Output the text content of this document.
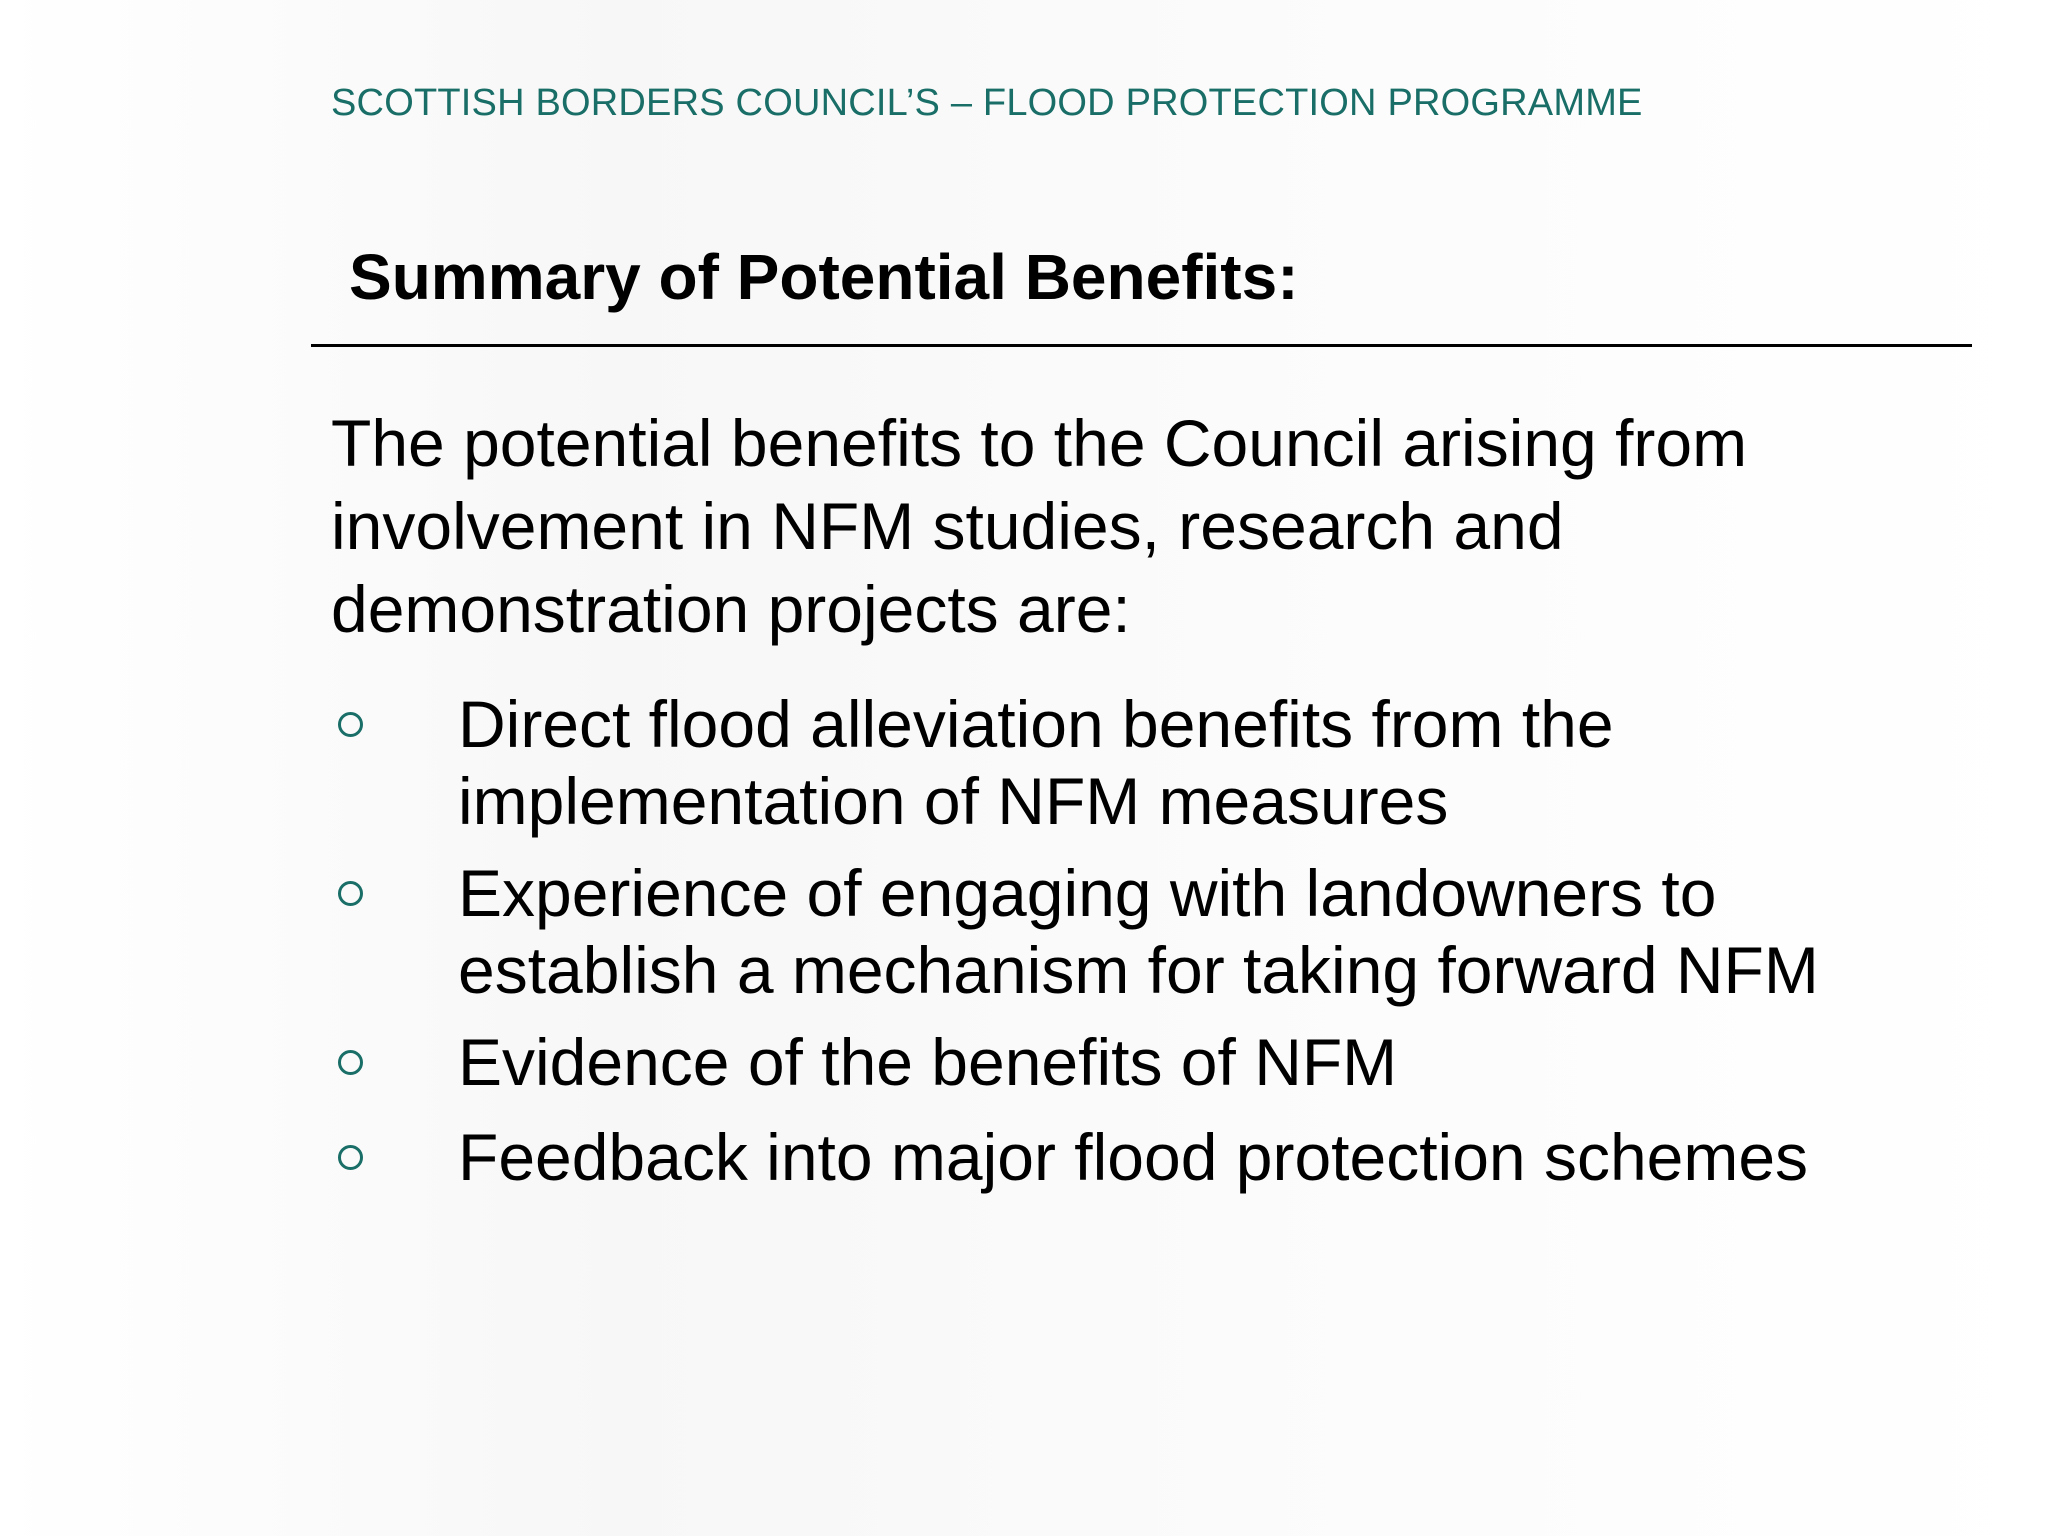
SCOTTISH BORDERS COUNCIL’S – FLOOD PROTECTION PROGRAMME
Summary of Potential Benefits:
The potential benefits to the Council arising from involvement in NFM studies, research and demonstration projects are:
Direct flood alleviation benefits from the implementation of NFM measures
Experience of engaging with landowners to establish a mechanism for taking forward NFM
Evidence of the benefits of NFM
Feedback into major flood protection schemes
